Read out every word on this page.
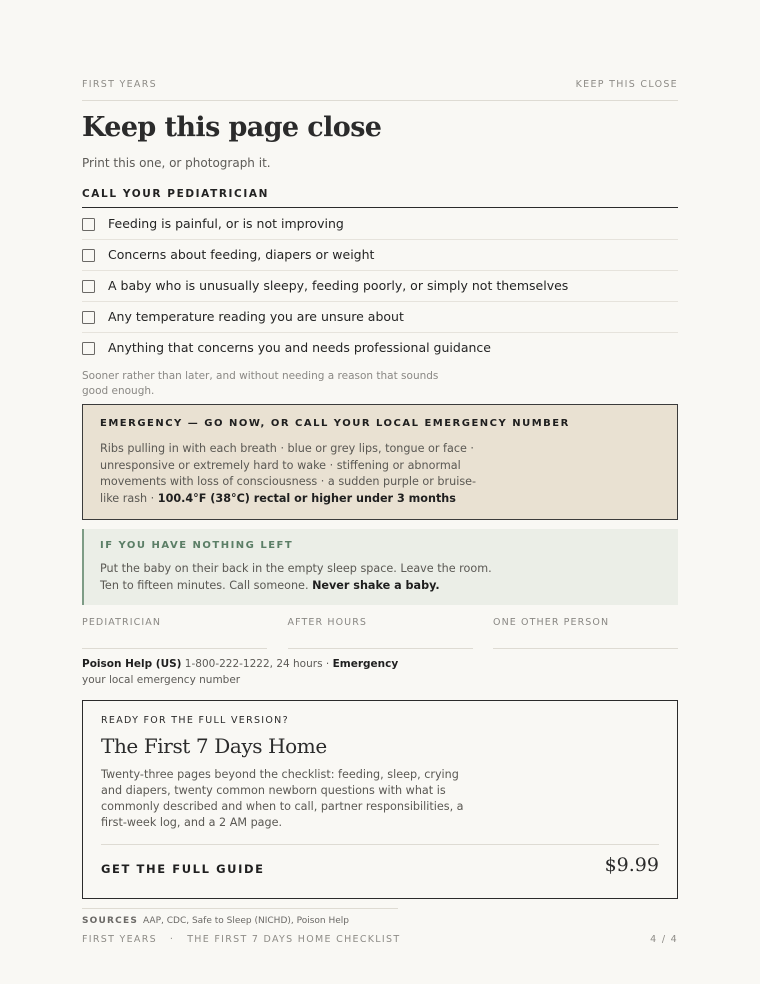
FIRST YEARS	KEEP THIS CLOSE
Keep this page close
Print this one, or photograph it.
CALL YOUR PEDIATRICIAN
Feeding is painful, or is not improving
Concerns about feeding, diapers or weight
A baby who is unusually sleepy, feeding poorly, or simply not themselves
Any temperature reading you are unsure about
Anything that concerns you and needs professional guidance
Sooner rather than later, and without needing a reason that sounds good enough.
EMERGENCY — GO NOW, OR CALL YOUR LOCAL EMERGENCY NUMBER
Ribs pulling in with each breath · blue or grey lips, tongue or face · unresponsive or extremely hard to wake · stiffening or abnormal movements with loss of consciousness · a sudden purple or bruise-like rash · 100.4°F (38°C) rectal or higher under 3 months
IF YOU HAVE NOTHING LEFT
Put the baby on their back in the empty sleep space. Leave the room. Ten to fifteen minutes. Call someone. Never shake a baby.
PEDIATRICIAN	AFTER HOURS	ONE OTHER PERSON
Poison Help (US) 1-800-222-1222, 24 hours · Emergency your local emergency number
READY FOR THE FULL VERSION?
The First 7 Days Home
Twenty-three pages beyond the checklist: feeding, sleep, crying and diapers, twenty common newborn questions with what is commonly described and when to call, partner responsibilities, a first-week log, and a 2 AM page.
GET THE FULL GUIDE	$9.99
SOURCES AAP, CDC, Safe to Sleep (NICHD), Poison Help
FIRST YEARS   ·   THE FIRST 7 DAYS HOME CHECKLIST	4 / 4
